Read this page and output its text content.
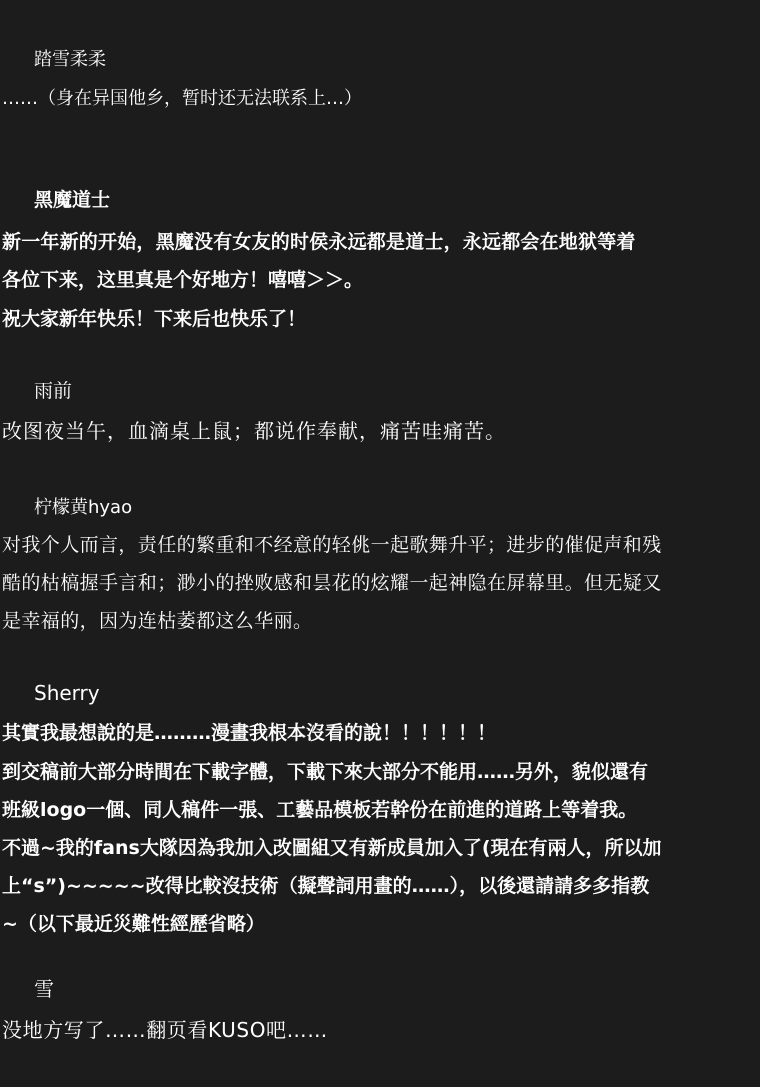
踏雪柔柔
……（身在异国他乡，暂时还无法联系上…）
黑魔道士
新一年新的开始，黑魔没有女友的时侯永远都是道士，永远都会在地狱等着
各位下来，这里真是个好地方！嘻嘻＞＞。
祝大家新年快乐！下来后也快乐了！
雨前
改图夜当午，血滴桌上鼠；都说作奉献，痛苦哇痛苦。
柠檬黄hyao
对我个人而言，责任的繁重和不经意的轻佻一起歌舞升平；进步的催促声和残
酷的枯槁握手言和；渺小的挫败感和昙花的炫耀一起神隐在屏幕里。但无疑又
是幸福的，因为连枯萎都这么华丽。
Sherry
其實我最想說的是………漫畫我根本沒看的說！！！！！！
到交稿前大部分時間在下載字體，下載下來大部分不能用……另外，貌似還有
班級logo一個、同人稿件一張、工藝品模板若幹份在前進的道路上等着我。
不過~我的fans大隊因為我加入改圖組又有新成員加入了(現在有兩人，所以加
上“s”)~~~~~改得比較沒技術（擬聲詞用畫的……），以後還請請多多指教
~（以下最近災難性經歷省略）
雪
没地方写了……翻页看KUSO吧……
